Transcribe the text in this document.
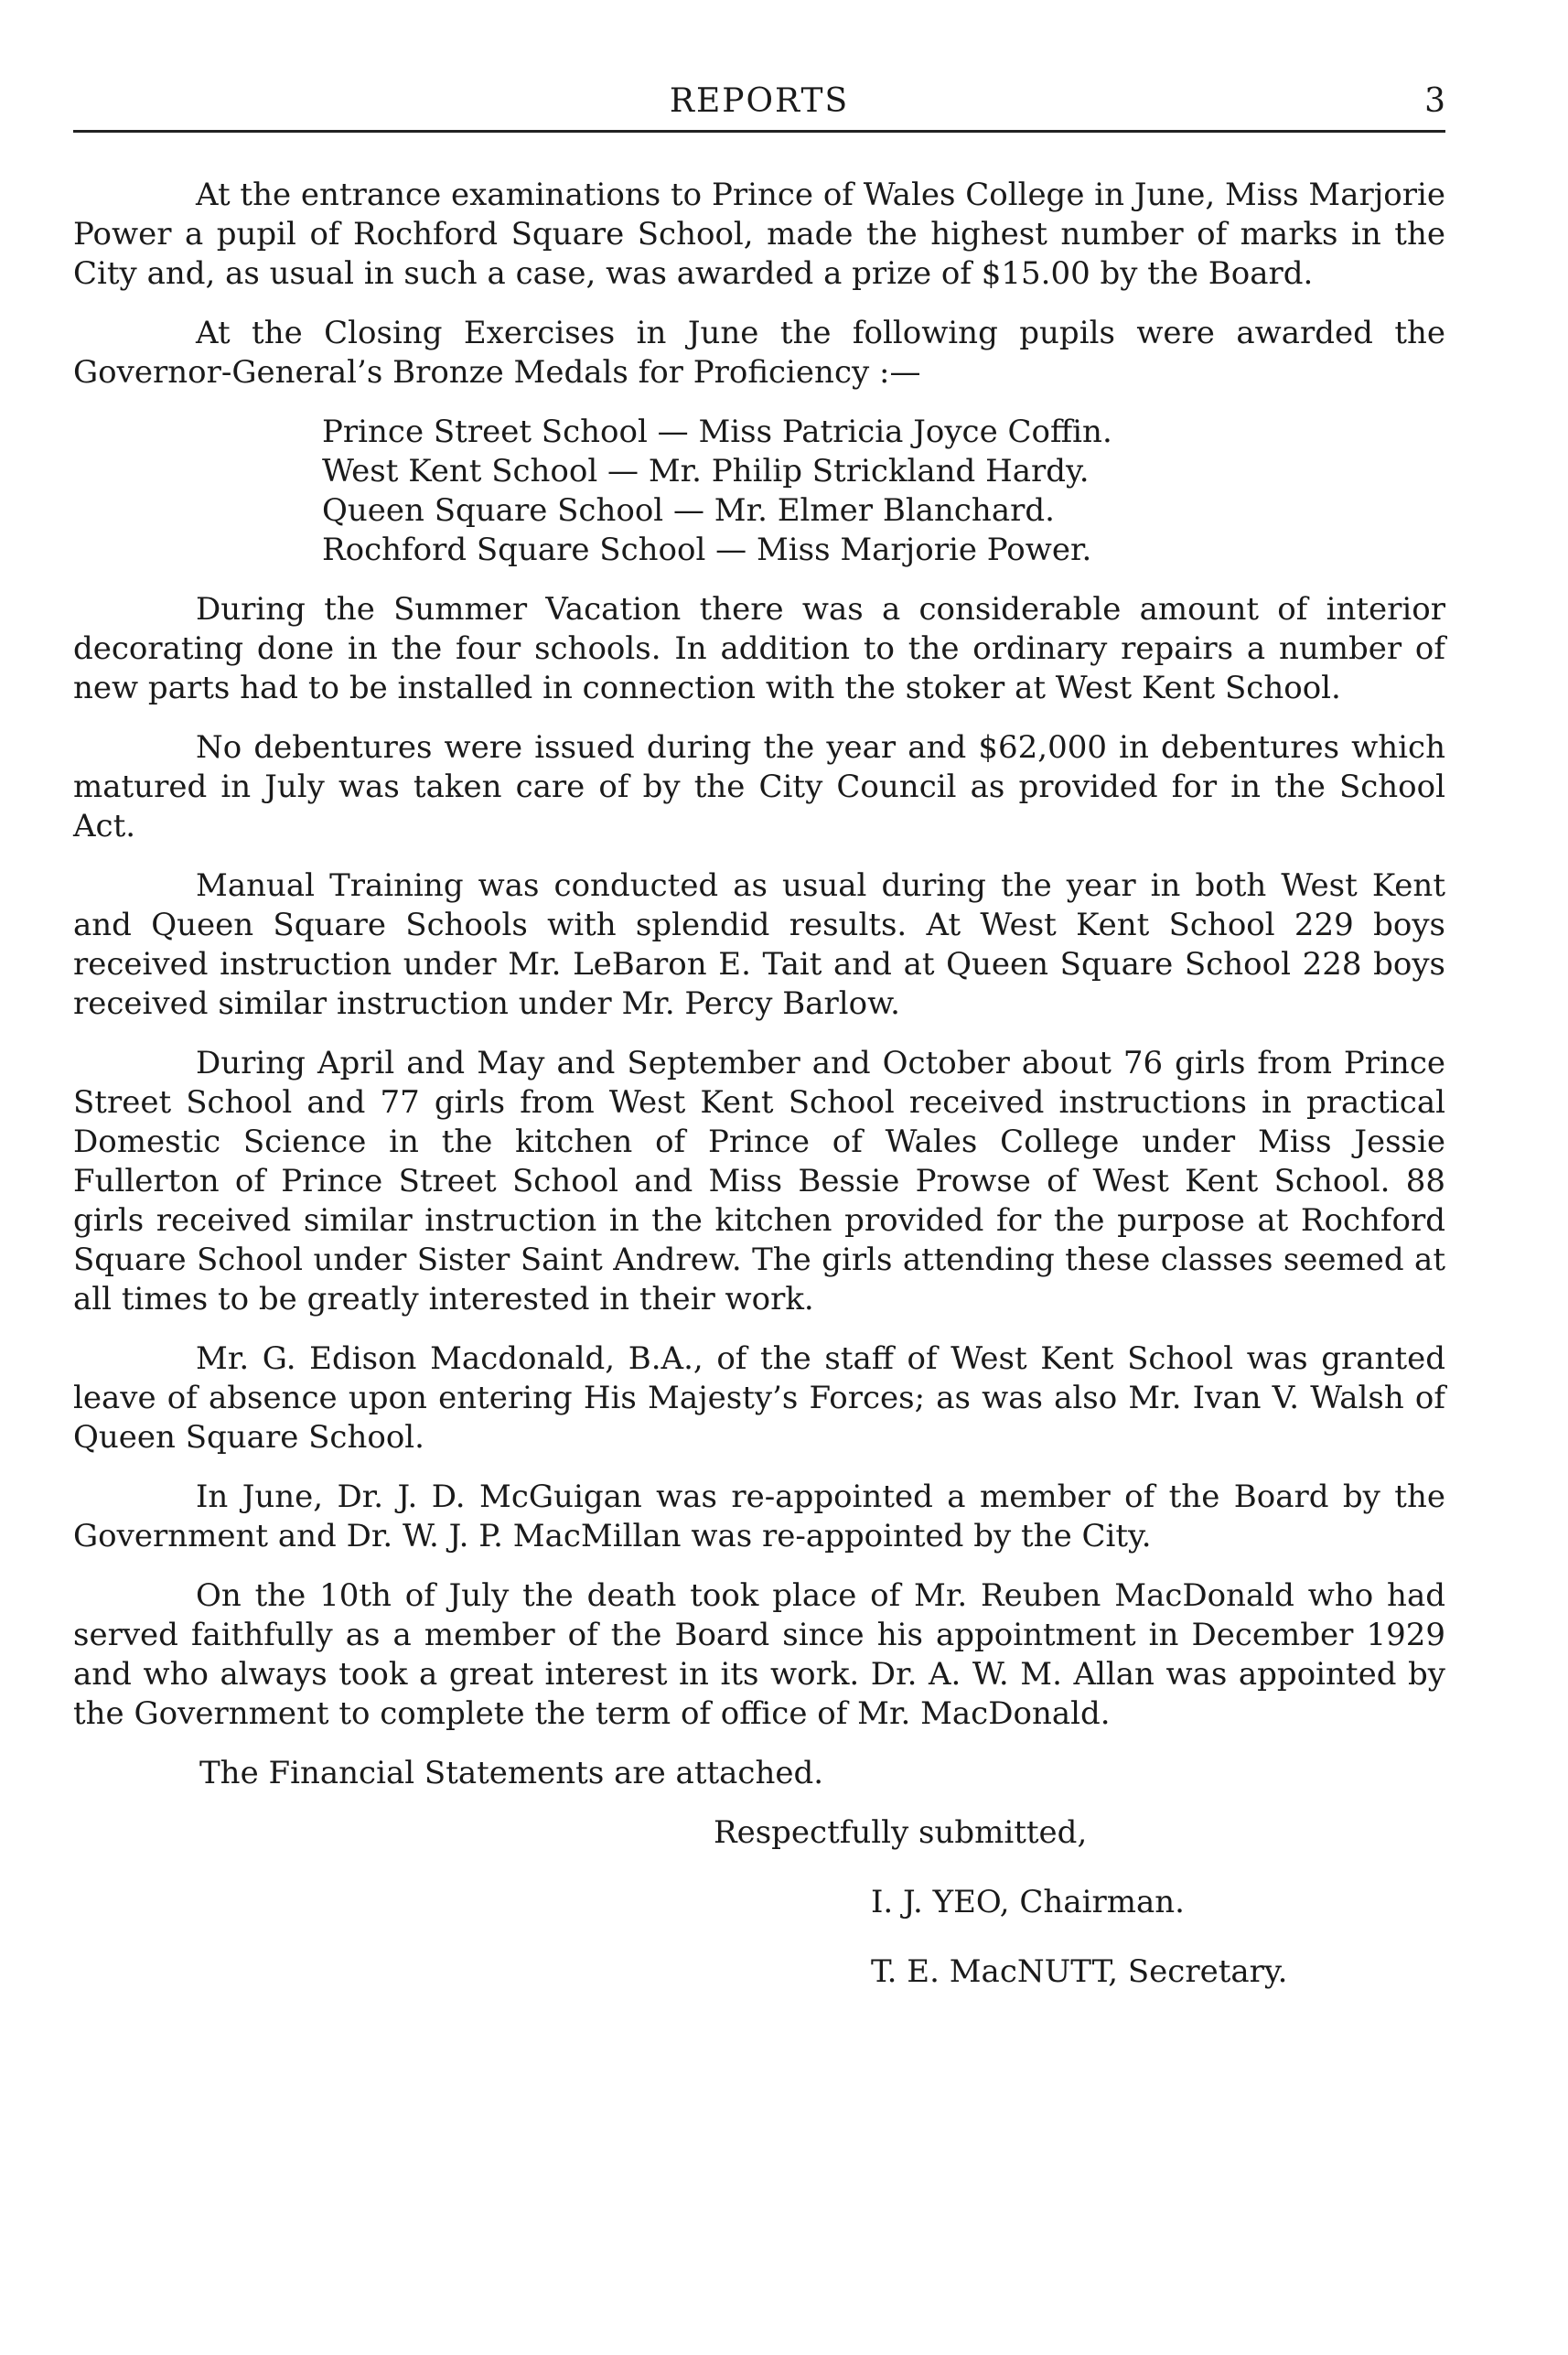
REPORTS	3

At the entrance examinations to Prince of Wales College in June, Miss Marjorie Power a pupil of Rochford Square School, made the highest number of marks in the City and, as usual in such a case, was awarded a prize of $15.00 by the Board.

At the Closing Exercises in June the following pupils were awarded the Governor-General’s Bronze Medals for Proficiency :—

Prince Street School — Miss Patricia Joyce Coffin.
West Kent School — Mr. Philip Strickland Hardy.
Queen Square School — Mr. Elmer Blanchard.
Rochford Square School — Miss Marjorie Power.

During the Summer Vacation there was a considerable amount of interior decorating done in the four schools. In addition to the ordinary repairs a number of new parts had to be installed in connection with the stoker at West Kent School.

No debentures were issued during the year and $62,000 in debentures which matured in July was taken care of by the City Council as provided for in the School Act.

Manual Training was conducted as usual during the year in both West Kent and Queen Square Schools with splendid results. At West Kent School 229 boys received instruction under Mr. LeBaron E. Tait and at Queen Square School 228 boys received similar instruction under Mr. Percy Barlow.

During April and May and September and October about 76 girls from Prince Street School and 77 girls from West Kent School received instructions in practical Domestic Science in the kitchen of Prince of Wales College under Miss Jessie Fullerton of Prince Street School and Miss Bessie Prowse of West Kent School. 88 girls received similar instruction in the kitchen provided for the purpose at Rochford Square School under Sister Saint Andrew. The girls attending these classes seemed at all times to be greatly interested in their work.

Mr. G. Edison Macdonald, B.A., of the staff of West Kent School was granted leave of absence upon entering His Majesty’s Forces; as was also Mr. Ivan V. Walsh of Queen Square School.

In June, Dr. J. D. McGuigan was re-appointed a member of the Board by the Government and Dr. W. J. P. MacMillan was re-appointed by the City.

On the 10th of July the death took place of Mr. Reuben MacDonald who had served faithfully as a member of the Board since his appointment in December 1929 and who always took a great interest in its work. Dr. A. W. M. Allan was appointed by the Government to complete the term of office of Mr. MacDonald.

The Financial Statements are attached.

Respectfully submitted,
I. J. YEO, Chairman.
T. E. MacNUTT, Secretary.
